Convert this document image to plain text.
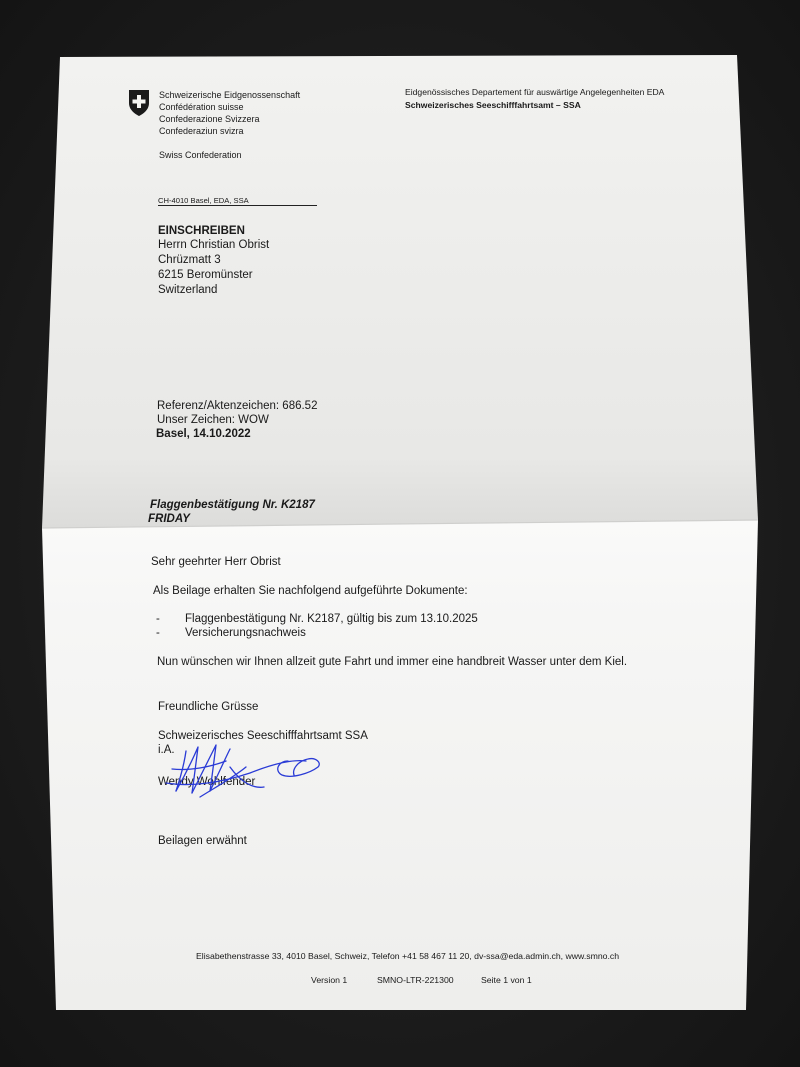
Schweizerische Eidgenossenschaft
Confédération suisse
Confederazione Svizzera
Confederaziun svizra
Swiss Confederation
Eidgenössisches Departement für auswärtige Angelegenheiten EDA
Schweizerisches Seeschifffahrtsamt – SSA
CH-4010 Basel, EDA, SSA
EINSCHREIBEN
Herrn Christian Obrist
Chrüzmatt 3
6215 Beromünster
Switzerland
Referenz/Aktenzeichen: 686.52
Unser Zeichen: WOW
Basel, 14.10.2022
Flaggenbestätigung Nr. K2187
FRIDAY
Sehr geehrter Herr Obrist
Als Beilage erhalten Sie nachfolgend aufgeführte Dokumente:
- Flaggenbestätigung Nr. K2187, gültig bis zum 13.10.2025
- Versicherungsnachweis
Nun wünschen wir Ihnen allzeit gute Fahrt und immer eine handbreit Wasser unter dem Kiel.
Freundliche Grüsse
Schweizerisches Seeschifffahrtsamt SSA
i.A.
Wendy Wohlfender
Beilagen erwähnt
Elisabethenstrasse 33, 4010 Basel, Schweiz, Telefon +41 58 467 11 20, dv-ssa@eda.admin.ch, www.smno.ch
Version 1	SMNO-LTR-221300	Seite 1 von 1
